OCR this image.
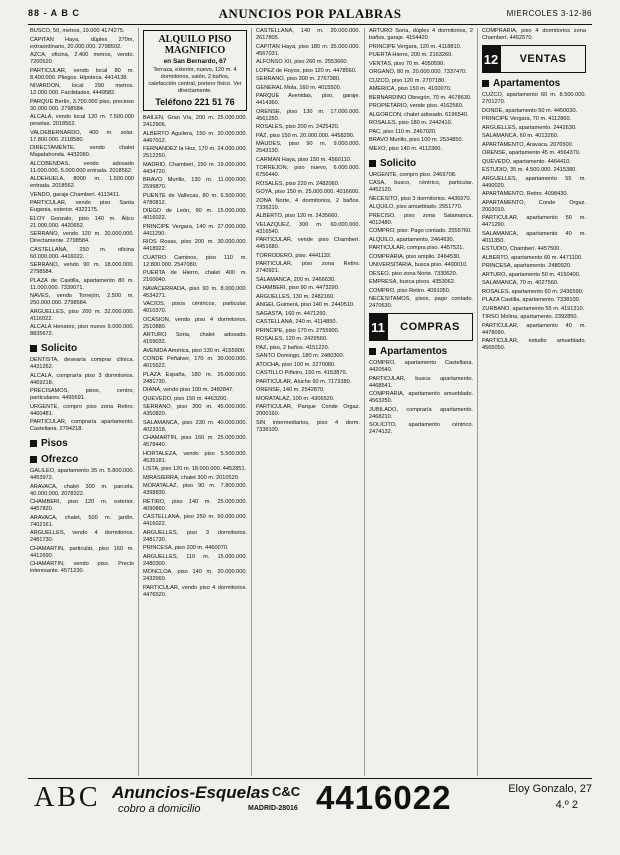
88 - A B C	ANUNCIOS POR PALABRAS	MIERCOLES 3-12-86

BUSCO, 50, metros, 19.000 4174275.

CAPITAN Haya, dúplex 270m, extraordinario, 20.000.000. 2798502.

AZCA, oficina, 2.400 metros, vendo. 7200520.

PARTICULAR, vendo local 80 m. 8.400.000. Pliegos. Hipoteca. 4414138.

NIVARDON, local 290 metros. 12.000.000. Facilidades. 4449582.

PARQUE Berlín, 3.700.000 piso, precioso 30.000.000. 2798584.

ALCALA, vendo local 120 m. 7.500.000 pesetas. 2018562.

VALDEBERNARDO, 400 m. solar. 17.800.000. 2118580.

DIRECTAMENTE, vendo chalet Majadahonda. 4432060.

ALCOBENDAS, vendo adosado 11.000.000, 5.000.000 entrada. 2018562.

ALDEHUELA, 8000 m. 1.500.000 entrada. 2018562.

VENDO, garaje Chamberí. 4113411.

PARTICULAR, vendo piso Santa Eugenia, exterior. 4322175.

ELOY Gonzalo, piso 140 m. Ático 21.000.000. 4420652.

SERRANO, vendo 120 m. 20.000.000. Directamente. 2798584.

CASTELLANA, 250 m. oficina 60.000.000. 4416022.

SERRANO, vendo 90 m. 18.000.000. 2798584.

PLAZA de Castilla, apartamento 80 m. 11.000.000. 7339071.

NAVES, vendo Torrejón, 2.500 m. 250.000.000. 2798584.

ARGUELLES, piso 200 m. 32.000.000. 4116022.

ALCALA Henares, piso nuevo 9.000.000. 8835672.

Solicito

DENTISTA, desearía comprar clínica. 4431262.

ALCALA, compraría piso 3 dormitorios. 4469218.

PRECISAMOS, pisos, centro, particulares. 4495691.

URGENTE, compro piso zona Retiro. 4460481.

PARTICULAR, compraría apartamento. Castellana. 2794218.

Pisos
Ofrezco

GALILEO, apartamento 35 m. 5.800.000. 4453972.

ARAVACA, chalet 300 m. parcela. 40.000.000. 2078322.

CHAMBERI, piso 120 m. exterior. 4457820.

ARAVACA, chalet, 500 m. jardín. 7402161.

ARGUELLES, vendo 4 dormitorios. 2481730.

CHAMARTIN, particular, piso 160 m. 4412690.

CHAMARTIN, vendo piso. Precio interesante. 4571230.

ALQUILO PISO MAGNIFICO
en San Bernardo, 67
Terraza, exterior, nuevo, 120 m. 4 dormitorios, salón, 2 baños, calefacción central, portero físico. Ver directamente.
Teléfono 221 51 76

BAILEN, Gran Vía, 200 m. 25.000.000. 2412906.

ALBERTO Aguilera, 150 m. 20.000.000. 4467012.

FERNANDEZ la Hoz, 170 m. 24.000.000. 2512250.

MADRID, Chamberí, 150 m. 19.000.000. 4434720.

BRAVO Murillo, 130 m. 11.000.000. 2599870.

PUENTE de Vallecas, 80 m. 6.500.000. 4780812.

DIEGO de León, 90 m. 15.000.000. 4016022.

PRINCIPE Vergara, 140 m. 27.000.000. 4411290.

RIOS Rosas, piso 200 m. 30.000.000. 4418922.

CUATRO Caminos, piso 110 m. 12.800.000. 2547080.

PUERTA de Hierro, chalet 400 m. 2160040.

NAVACERRADA, piso 90 m. 8.000.000. 4534271.

VACIOS, pisos céntricos, particular. 4010370.

OCASION, vendo piso 4 dormitorios. 2510880.

ARTURO Soria, chalet adosado. 4159032.

AVENIDA América, piso 130 m. 4155900.

CONDE Peñalver, 170 m. 30.000.000. 4015522.

PLAZA España, 180 m. 26.000.000. 2481730.

DIANA, vendo piso 100 m. 3482847.

QUEVEDO, piso 150 m. 4463200.

SERRANO, piso 200 m. 45.000.000. 4350820.

SALAMANCA, piso 230 m. 40.000.000. 4023318.

CHAMARTIN, piso 160 m. 25.000.000. 4578440.

HORTALEZA, vendo piso 5.500.000. 4535181.

LISTA, piso 120 m. 18.000.000. 4452851.

MIRASIERRA, chalet 300 m. 2010520.

MORATALAZ, piso 90 m. 7.800.000. 4398830.

RETIRO, piso 140 m. 25.000.000. 4090860.

CASTELLANA, piso 250 m. 50.000.000. 4416022.

ARGUELLES, piso 3 dormitorios. 2481730.

PRINCESA, piso 200 m. 4460070.

ARGUELLES, 110 m. 15.000.000. 2480300.

MONCLOA, piso 140 m. 20.000.000. 2432660.

PARTICULAR, vendo piso 4 dormitorios. 4476520.

CASTELLANA, 140 m. 20.000.000. 2617805.

CAPITAN Haya, piso 180 m. 35.000.000. 4567031.

ALFONSO XII, piso 260 m. 2553660.

LOPEZ de Hoyos, piso 120 m. 4478560.

SERRANO, piso 300 m. 2767380.

GENERAL Mola, 160 m. 4015500.

PARQUE Avenidas, piso, garaje. 4414360.

ORENSE, piso 130 m. 17.000.000. 4561250.

ROSALES, piso 200 m. 2425420.

PAZ, piso 150 m. 20.000.000. 4458290.

MAUDES, piso 90 m. 9.000.000. 2543130.

CARMAN Haya, piso 150 m. 4560110.

TORREJON, piso nuevo, 6.000.000. 6756440.

ROSALES, piso 220 m. 2482060.

GOYA, piso 150 m. 25.000.000. 4016600.

ZONA Norte, 4 dormitorios, 2 baños. 7336210.

ALBERTO, piso 120 m. 2435660.

VELAZQUEZ, 300 m. 60.000.000. 4316540.

PARTICULAR, vende piso Chamberí. 4451680.

TORRODERO, piso. 4441132.

PARTICULAR, piso zona Retiro. 2740921.

SALAMANCA, 200 m. 2466630.

CHAMBERI, piso 90 m. 4473290.

ARGUELLES, 130 m. 2482160.

ANGEL Guimerá, piso 140 m. 2440510.

SAGASTA, 160 m. 4471260.

CASTELLANA, 240 m. 4114850.

PRINCIPE, piso 170 m. 2755900.

ROSALES, 120 m. 2429560.

PAZ, piso, 2 baños. 4151220.

SANTO Domingo, 180 m. 2480300.

ATOCHA, piso 100 m. 2270080.

CASTILLO Piñeiro, 150 m. 4153870.

PARTICULAR, Aluche 90 m. 7173380.

ORENSE, 140 m. 2542870.

MORATALAZ, 100 m. 4306520.

PARTICULAR, Parque Conde Orgaz. 2000160.

SIN intermediarios, piso 4 dorm. 7338100.

ARTURO Soria, dúplex 4 dormitorios, 2 baños, garaje. 4154420.

PRINCIPE Vergara, 120 m. 4118810.

PUERTA Hierro, 200 m. 2163260.

VENTAS, piso 70 m. 4050590.

ORGANO, 80 m. 20.000.000. 7337470.

CUZCO, piso 120 m. 2707180.

AMERICA, piso 150 m. 4160070.

BERNARDINO Obregón, 70 m. 4678630.

PROPIETARIO, vende piso. 4162560.

ALGORCON, chalet adosado. 6196540.

ROSALES, piso 180 m. 2442410.

PAC, piso 110 m. 2467020.

BRAVO Murillo, piso 100 m. 2534850.

MEXO, piso 140 m. 4112360.

Solicito

URGENTE, compro piso. 2469708.

CASA, busco, céntrico, particular. 4452120.

NECESITO, piso 3 dormitorios. 4436970.

ALQUILO, piso amueblado. 2551770.

PRECISO, piso zona Salamanca. 4012480.

COMPRO, piso. Pago contado. 2555760.

ALQUILO, apartamento. 2464630.

PARTICULAR, compra piso. 4457521.

COMPRARIA, piso amplio. 2464530.

UNIVERSITARIA, busca piso. 4490010.

DESEO, piso zona Norte. 7330620.

EMPRESA, busca pisos. 4353062.

COMPRO, piso Retiro. 4091050.

NECESITAMOS, pisos, pago contado. 2470630.

11	COMPRAS
Apartamentos

COMPRO, apartamento Castellana. 4420540.

PARTICULAR, busca apartamento. 4468541.

COMPRARIA, apartamento amueblado. 4563250.

JUBILADO, compraría apartamento. 2468210.

SOLICITO, apartamento céntrico. 2474132.

COMPRARIA, piso 4 dormitorios zona Chamberí. 4452570.

12	VENTAS
Apartamentos

CUZCO, apartamento 60 m. 8.500.000. 2701270.

DONDE, apartamento 50 m. 4450030.

PRINCIPE Vergara, 70 m. 4112860.

ARGUELLES, apartamento. 2442630.

SALAMANCA, 60 m. 4013260.

APARTAMENTO, Aravaca. 2076500.

ORENSE, apartamento 45 m. 4564370.

QUEVEDO, apartamento. 4464410.

ESTUDIO, 35 m. 4.500.000. 2415380.

ARGUELLES, apartamento 55 m. 4490020.

APARTAMENTO, Retiro. 4098430.

APARTAMENTO, Conde Orgaz. 2003010.

PARTICULAR, apartamento 50 m. 4471290.

SALAMANCA, apartamento 40 m. 4011350.

ESTUDIO, Chamberí. 4457500.

ALBERTO, apartamento 60 m. 4471100.

PRINCESA, apartamento. 2480920.

ARTURO, apartamento 50 m. 4150400.

SALAMANCA, 70 m. 4027560.

ROSALES, apartamento 60 m. 2436590.

PLAZA Castilla, apartamento. 7338100.

ZURBANO, apartamento 55 m. 4191310.

TIRSO Molina, apartamento. 2392850.

PARTICULAR, apartamento 40 m. 4478090.

PARTICULAR, estudio amueblado. 4565050.

ABC Anuncios-Esquelas
cobro a domicilio	MADRID-28016
C&C 4416022	Eloy Gonzalo, 27
4.º 2
